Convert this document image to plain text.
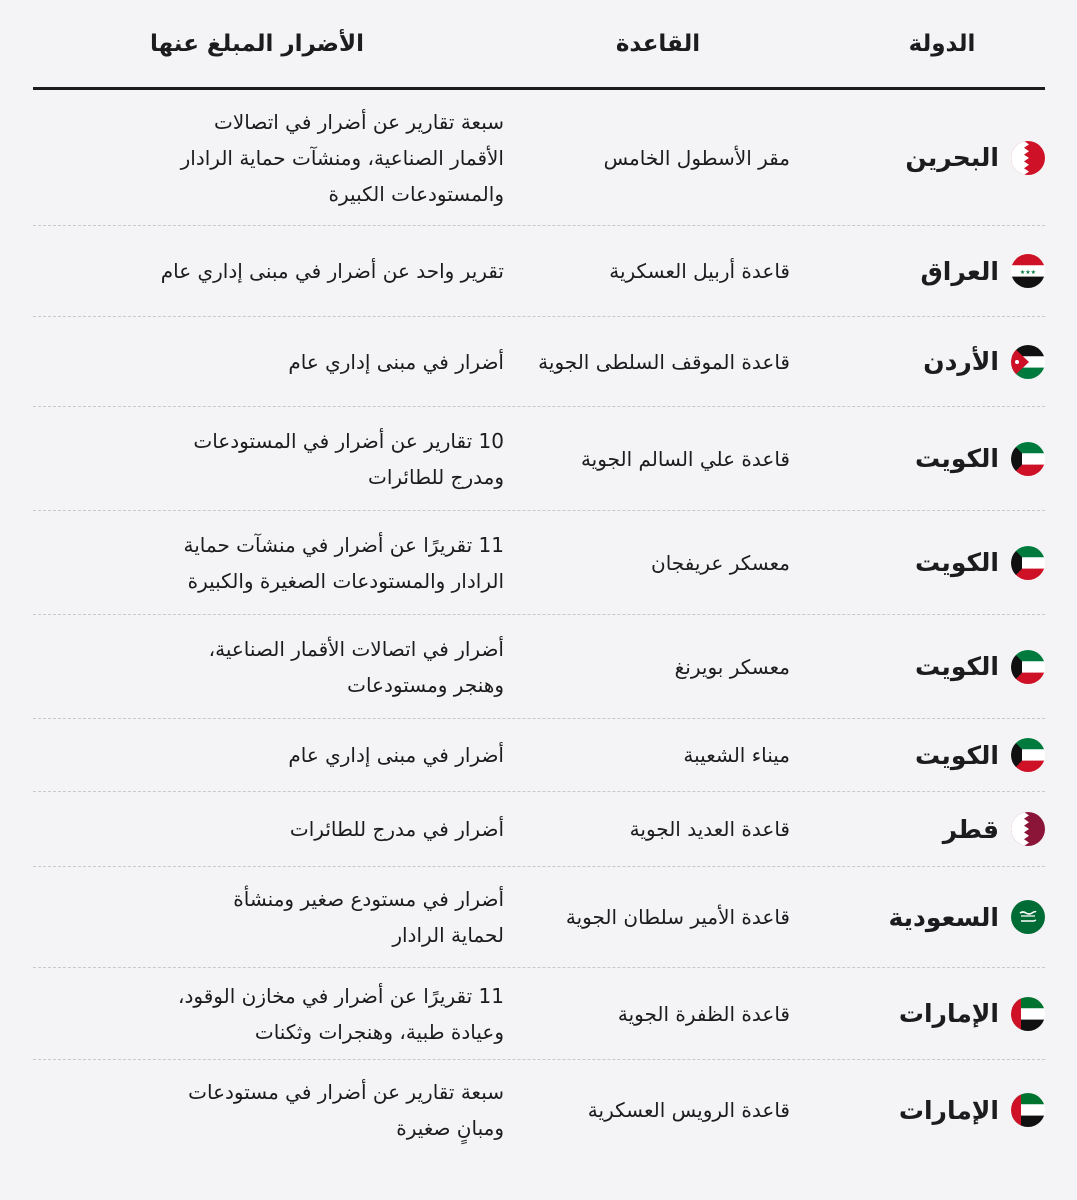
الدولة
القاعدة
الأضرار المبلغ عنها
البحرين
مقر الأسطول الخامس
سبعة تقارير عن أضرار في اتصالات
الأقمار الصناعية، ومنشآت حماية الرادار
والمستودعات الكبيرة
★★★
العراق
قاعدة أربيل العسكرية
تقرير واحد عن أضرار في مبنى إداري عام
الأردن
قاعدة الموقف السلطى الجوية
أضرار في مبنى إداري عام
الكويت
قاعدة علي السالم الجوية
10 تقارير عن أضرار في المستودعات
ومدرج للطائرات
الكويت
معسكر عريفجان
11 تقريرًا عن أضرار في منشآت حماية
الرادار والمستودعات الصغيرة والكبيرة
الكويت
معسكر بويرنغ
أضرار في اتصالات الأقمار الصناعية،
وهنجر ومستودعات
الكويت
ميناء الشعيبة
أضرار في مبنى إداري عام
قطر
قاعدة العديد الجوية
أضرار في مدرج للطائرات
السعودية
قاعدة الأمير سلطان الجوية
أضرار في مستودع صغير ومنشأة
لحماية الرادار
الإمارات
قاعدة الظفرة الجوية
11 تقريرًا عن أضرار في مخازن الوقود،
وعيادة طبية، وهنجرات وثكنات
الإمارات
قاعدة الرويس العسكرية
سبعة تقارير عن أضرار في مستودعات
ومبانٍ صغيرة
